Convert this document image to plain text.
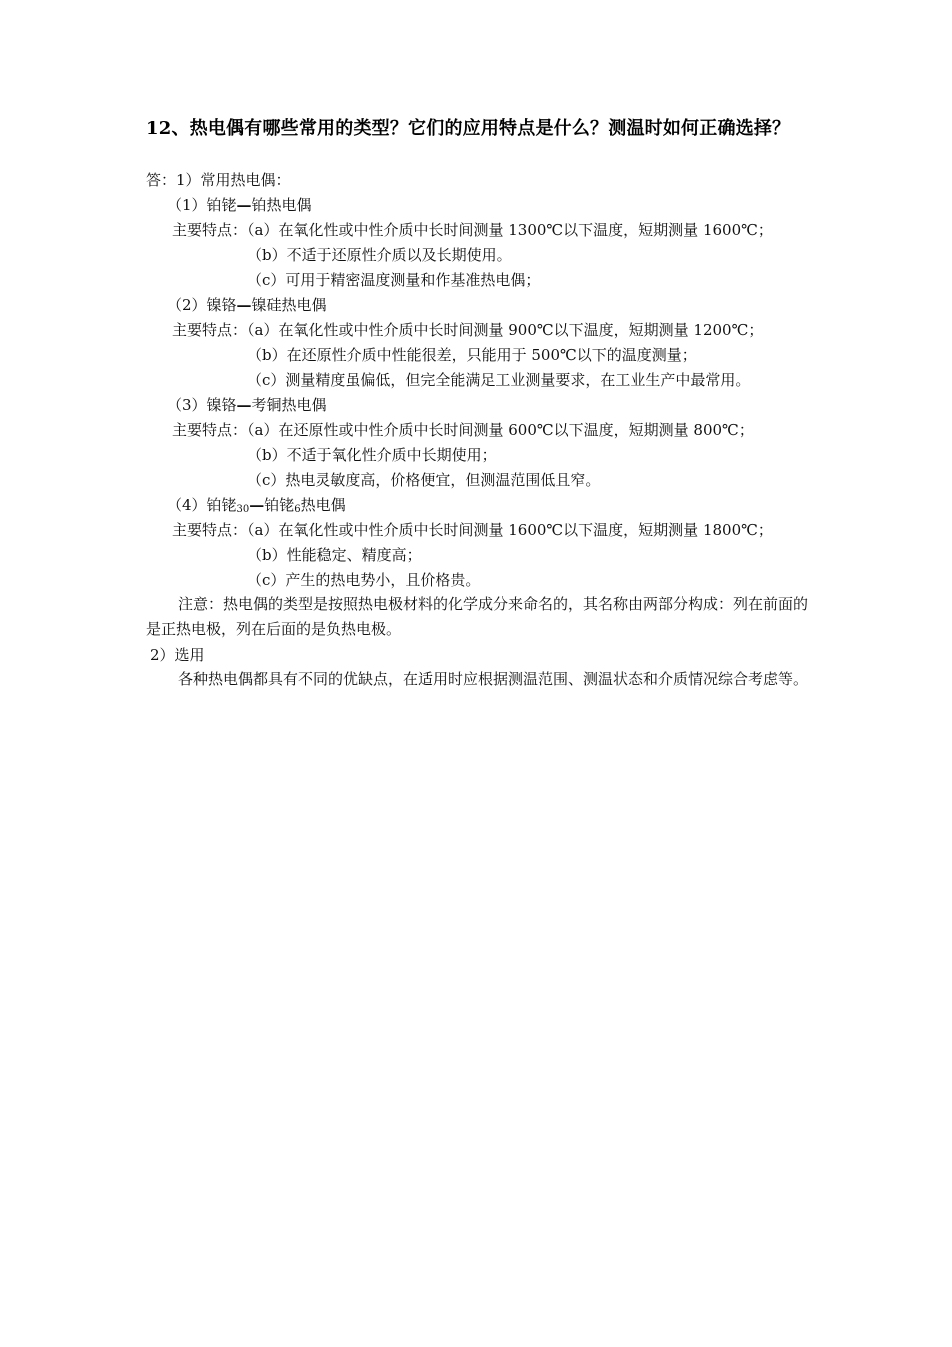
12、热电偶有哪些常用的类型？它们的应用特点是什么？测温时如何正确选择？
答：1）常用热电偶：
（1）铂铑—铂热电偶
主要特点：（a）在氧化性或中性介质中长时间测量 1300℃以下温度，短期测量 1600℃；
（b）不适于还原性介质以及长期使用。
（c）可用于精密温度测量和作基准热电偶；
（2）镍铬—镍硅热电偶
主要特点：（a）在氧化性或中性介质中长时间测量 900℃以下温度，短期测量 1200℃；
（b）在还原性介质中性能很差，只能用于 500℃以下的温度测量；
（c）测量精度虽偏低，但完全能满足工业测量要求，在工业生产中最常用。
（3）镍铬—考铜热电偶
主要特点：（a）在还原性或中性介质中长时间测量 600℃以下温度，短期测量 800℃；
（b）不适于氧化性介质中长期使用；
（c）热电灵敏度高，价格便宜，但测温范围低且窄。
（4）铂铑$_{30}$—铂铑$_6$热电偶
主要特点：（a）在氧化性或中性介质中长时间测量 1600℃以下温度，短期测量 1800℃；
（b）性能稳定、精度高；
（c）产生的热电势小，且价格贵。

注意：热电偶的类型是按照热电极材料的化学成分来命名的，其名称由两部分构成：列在前面的是正热电极，列在后面的是负热电极。

2）选用

各种热电偶都具有不同的优缺点，在适用时应根据测温范围、测温状态和介质情况综合考虑等。
